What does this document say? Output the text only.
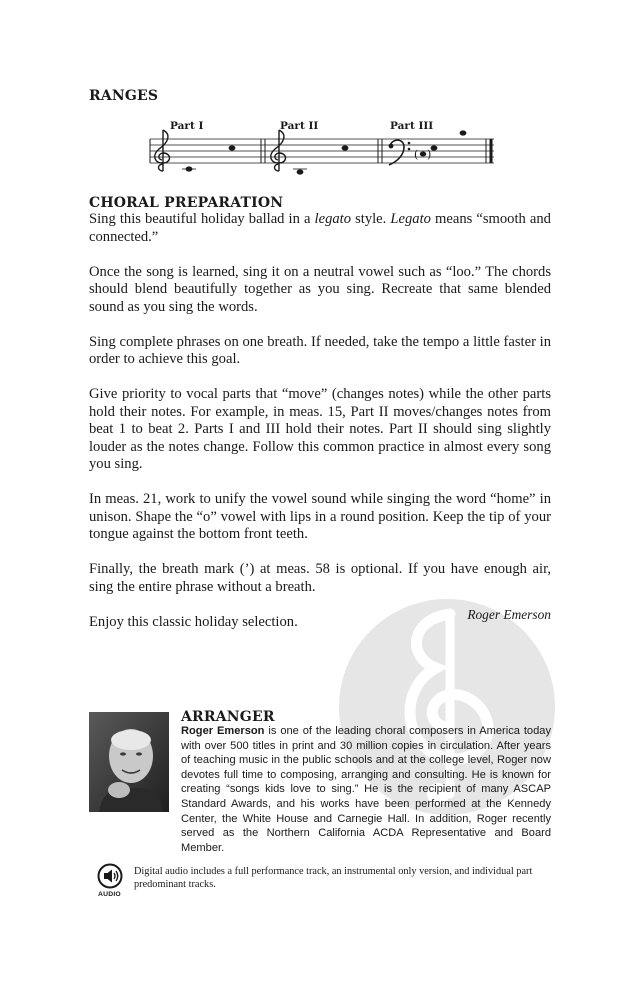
RANGES
( )
Part I	Part II	Part III
CHORAL PREPARATION

Sing this beautiful holiday ballad in a legato style. Legato means “smooth and connected.”

Once the song is learned, sing it on a neutral vowel such as “loo.” The chords should blend beautifully together as you sing. Recreate that same blended sound as you sing the words.

Sing complete phrases on one breath. If needed, take the tempo a little faster in order to achieve this goal.

Give priority to vocal parts that “move” (changes notes) while the other parts hold their notes. For example, in meas. 15, Part II moves/changes notes from beat 1 to beat 2. Parts I and III hold their notes. Part II should sing slightly louder as the notes change. Follow this common practice in almost every song you sing.

In meas. 21, work to unify the vowel sound while singing the word “home” in unison. Shape the “o” vowel with lips in a round position. Keep the tip of your tongue against the bottom front teeth.

Finally, the breath mark (’) at meas. 58 is optional. If you have enough air, sing the entire phrase without a breath.

Enjoy this classic holiday selection.	Roger Emerson
ARRANGER
Roger Emerson is one of the leading choral composers in America today with over 500 titles in print and 30 million copies in circulation. After years of teaching music in the public schools and at the college level, Roger now devotes full time to composing, arranging and consulting. He is known for creating “songs kids love to sing.” He is the recipient of many ASCAP Standard Awards, and his works have been performed at the Kennedy Center, the White House and Carnegie Hall. In addition, Roger recently served as the Northern California ACDA Representative and Board Member.
AUDIO
Digital audio includes a full performance track, an instrumental only version, and individual part predominant tracks.
